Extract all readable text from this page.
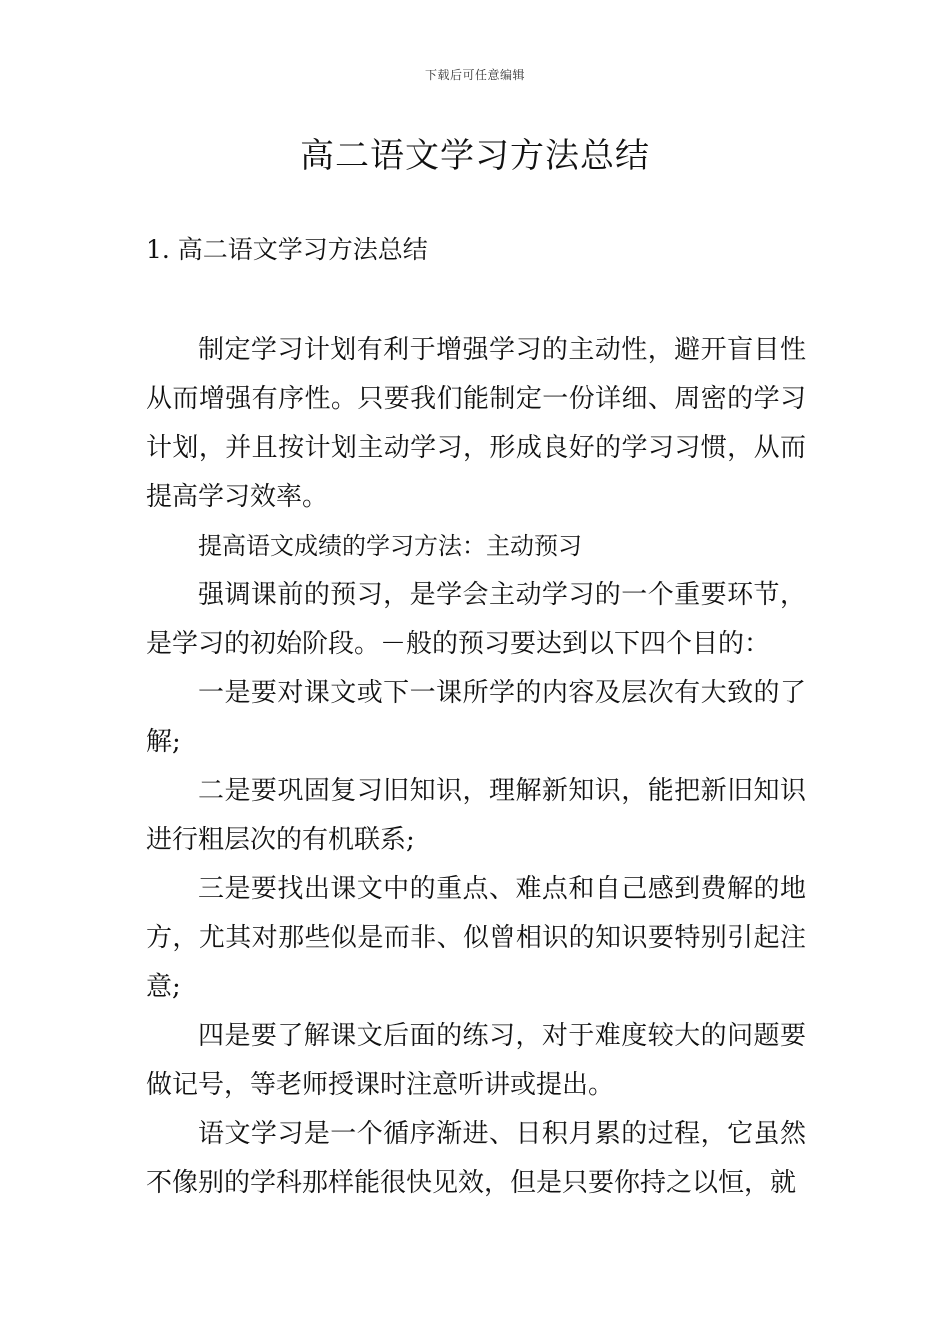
下载后可任意编辑
高二语文学习方法总结
1. 高二语文学习方法总结

制定学习计划有利于增强学习的主动性，避开盲目性从而增强有序性。只要我们能制定一份详细、周密的学习计划，并且按计划主动学习，形成良好的学习习惯，从而提高学习效率。

提高语文成绩的学习方法：主动预习

强调课前的预习，是学会主动学习的一个重要环节，是学习的初始阶段。－般的预习要达到以下四个目的：

一是要对课文或下一课所学的内容及层次有大致的了解;

二是要巩固复习旧知识，理解新知识，能把新旧知识进行粗层次的有机联系;

三是要找出课文中的重点、难点和自己感到费解的地方，尤其对那些似是而非、似曾相识的知识要特别引起注意;

四是要了解课文后面的练习，对于难度较大的问题要做记号，等老师授课时注意听讲或提出。

语文学习是一个循序渐进、日积月累的过程，它虽然不像别的学科那样能很快见效，但是只要你持之以恒，就
